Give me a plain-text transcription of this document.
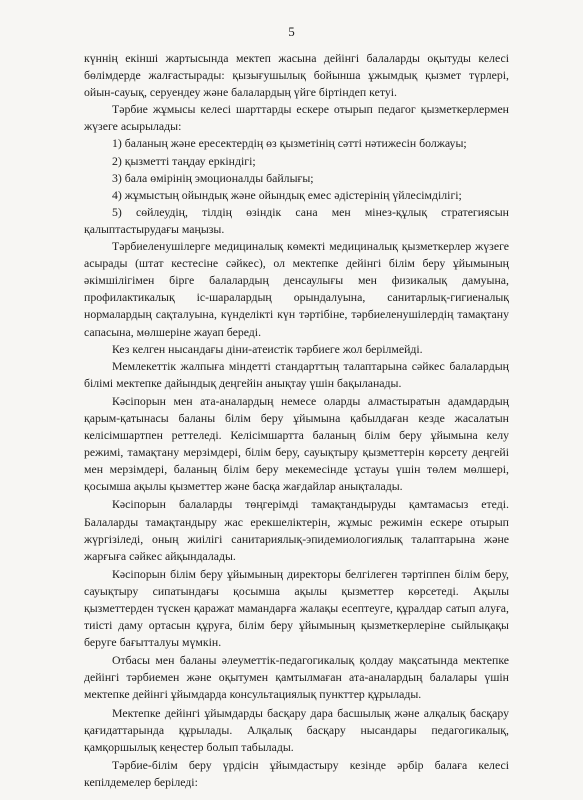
5

күннің екінші жартысында мектеп жасына дейінгі балаларды оқытуды келесі бөлімдерде жалғастырады: қызығушылық бойынша ұжымдық қызмет түрлері, ойын-сауық, серуендеу және балалардың үйге біртіндеп кетуі.

Тәрбие жұмысы келесі шарттарды ескере отырып педагог қызметкерлермен жүзеге асырылады:

1) баланың және ересектердің өз қызметінің сәтті нәтижесін болжауы;
2) қызметті таңдау еркіндігі;
3) бала өмірінің эмоционалды байлығы;
4) жұмыстың ойындық және ойындық емес әдістерінің үйлесімділігі;
5) сөйлеудің, тілдің өзіндік сана мен мінез-құлық стратегиясын қалыптастырудағы маңызы.

Тәрбиеленушілерге медициналық көмекті медициналық қызметкерлер жүзеге асырады (штат кестесіне сәйкес), ол мектепке дейінгі білім беру ұйымының әкімшілігімен бірге балалардың денсаулығы мен физикалық дамуына, профилактикалық іс-шаралардың орындалуына, санитарлық-гигиеналық нормалардың сақталуына, күнделікті күн тәртібіне, тәрбиеленушілердің тамақтану сапасына, мөлшеріне жауап береді.

Кез келген нысандағы діни-атеистік тәрбиеге жол берілмейді.

Мемлекеттік жалпыға міндетті стандарттың талаптарына сәйкес балалардың білімі мектепке дайындық деңгейін анықтау үшін бақыланады.

Кәсіпорын мен ата-аналардың немесе оларды алмастыратын адамдардың қарым-қатынасы баланы білім беру ұйымына қабылдаған кезде жасалатын келісімшартпен реттеледі. Келісімшартта баланың білім беру ұйымына келу режимі, тамақтану мерзімдері, білім беру, сауықтыру қызметтерін көрсету деңгейі мен мерзімдері, баланың білім беру мекемесінде ұстауы үшін төлем мөлшері, қосымша ақылы қызметтер және басқа жағдайлар анықталады.

Кәсіпорын балаларды төңгерімді тамақтандыруды қамтамасыз етеді. Балаларды тамақтандыру жас ерекшеліктерін, жұмыс режимін ескере отырып жүргізіледі, оның жиілігі санитариялық-эпидемиологиялық талаптарына және жарғыға сәйкес айқындалады.

Кәсіпорын білім беру ұйымының директоры белгілеген тәртіппен білім беру, сауықтыру сипатындағы қосымша ақылы қызметтер көрсетеді. Ақылы қызметтерден түскен қаражат мамандарға жалақы есептеуге, құралдар сатып алуға, тиісті даму ортасын құруға, білім беру ұйымының қызметкерлеріне сыйлықақы беруге бағытталуы мүмкін.

Отбасы мен баланы әлеуметтік-педагогикалық қолдау мақсатында мектепке дейінгі тәрбиемен және оқытумен қамтылмаған ата-аналардың балалары үшін мектепке дейінгі ұйымдарда консультациялық пункттер құрылады.

Мектепке дейінгі ұйымдарды басқару дара басшылық және алқалық басқару қағидаттарында құрылады. Алқалық басқару нысандары педагогикалық, қамқоршылық кеңестер болып табылады.

Тәрбие-білім беру үрдісін ұйымдастыру кезінде әрбір балаға келесі кепілдемелер беріледі:
